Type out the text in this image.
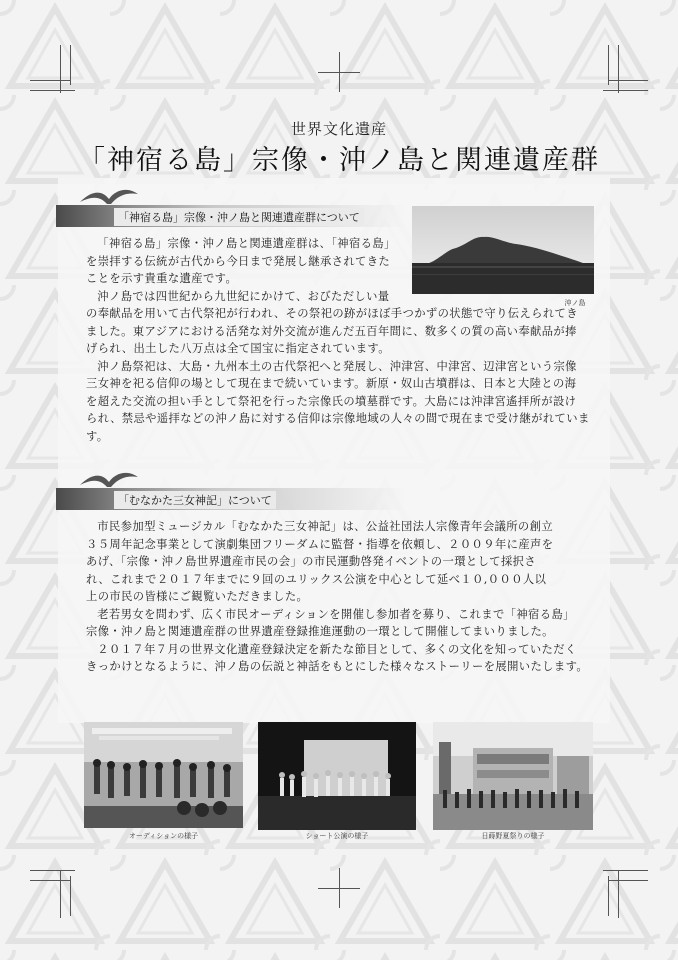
世界文化遺産
「神宿る島」宗像・沖ノ島と関連遺産群
「神宿る島」宗像・沖ノ島と関連遺産群について
沖ノ島

「神宿る島」宗像・沖ノ島と関連遺産群は、「神宿る島」

を崇拝する伝統が古代から今日まで発展し継承されてきた

ことを示す貴重な遺産です。

沖ノ島では四世紀から九世紀にかけて、おびただしい量

の奉献品を用いて古代祭祀が行われ、その祭祀の跡がほぼ手つかずの状態で守り伝えられてき

ました。東アジアにおける活発な対外交流が進んだ五百年間に、数多くの質の高い奉献品が捧

げられ、出土した八万点は全て国宝に指定されています。

沖ノ島祭祀は、大島・九州本土の古代祭祀へと発展し、沖津宮、中津宮、辺津宮という宗像

三女神を祀る信仰の場として現在まで続いています。新原・奴山古墳群は、日本と大陸との海

を超えた交流の担い手として祭祀を行った宗像氏の墳墓群です。大島には沖津宮遙拝所が設け

られ、禁忌や遥拝などの沖ノ島に対する信仰は宗像地域の人々の間で現在まで受け継がれています。

「むなかた三女神記」について

市民参加型ミュージカル「むなかた三女神記」は、公益社団法人宗像青年会議所の創立

３５周年記念事業として演劇集団フリーダムに監督・指導を依頼し、２００９年に産声を

あげ、「宗像・沖ノ島世界遺産市民の会」の市民運動啓発イベントの一環として採択さ

れ、これまで２０１７年までに９回のユリックス公演を中心として延べ１０,０００人以

上の市民の皆様にご観覧いただきました。

老若男女を問わず、広く市民オーディションを開催し参加者を募り、これまで「神宿る島」

宗像・沖ノ島と関連遺産群の世界遺産登録推進運動の一環として開催してまいりました。

２０１７年７月の世界文化遺産登録決定を新たな節目として、多くの文化を知っていただく

きっかけとなるように、沖ノ島の伝説と神話をもとにした様々なストーリーを展開いたします。

オーディションの様子	ショート公演の様子	日蒔野夏祭りの様子
